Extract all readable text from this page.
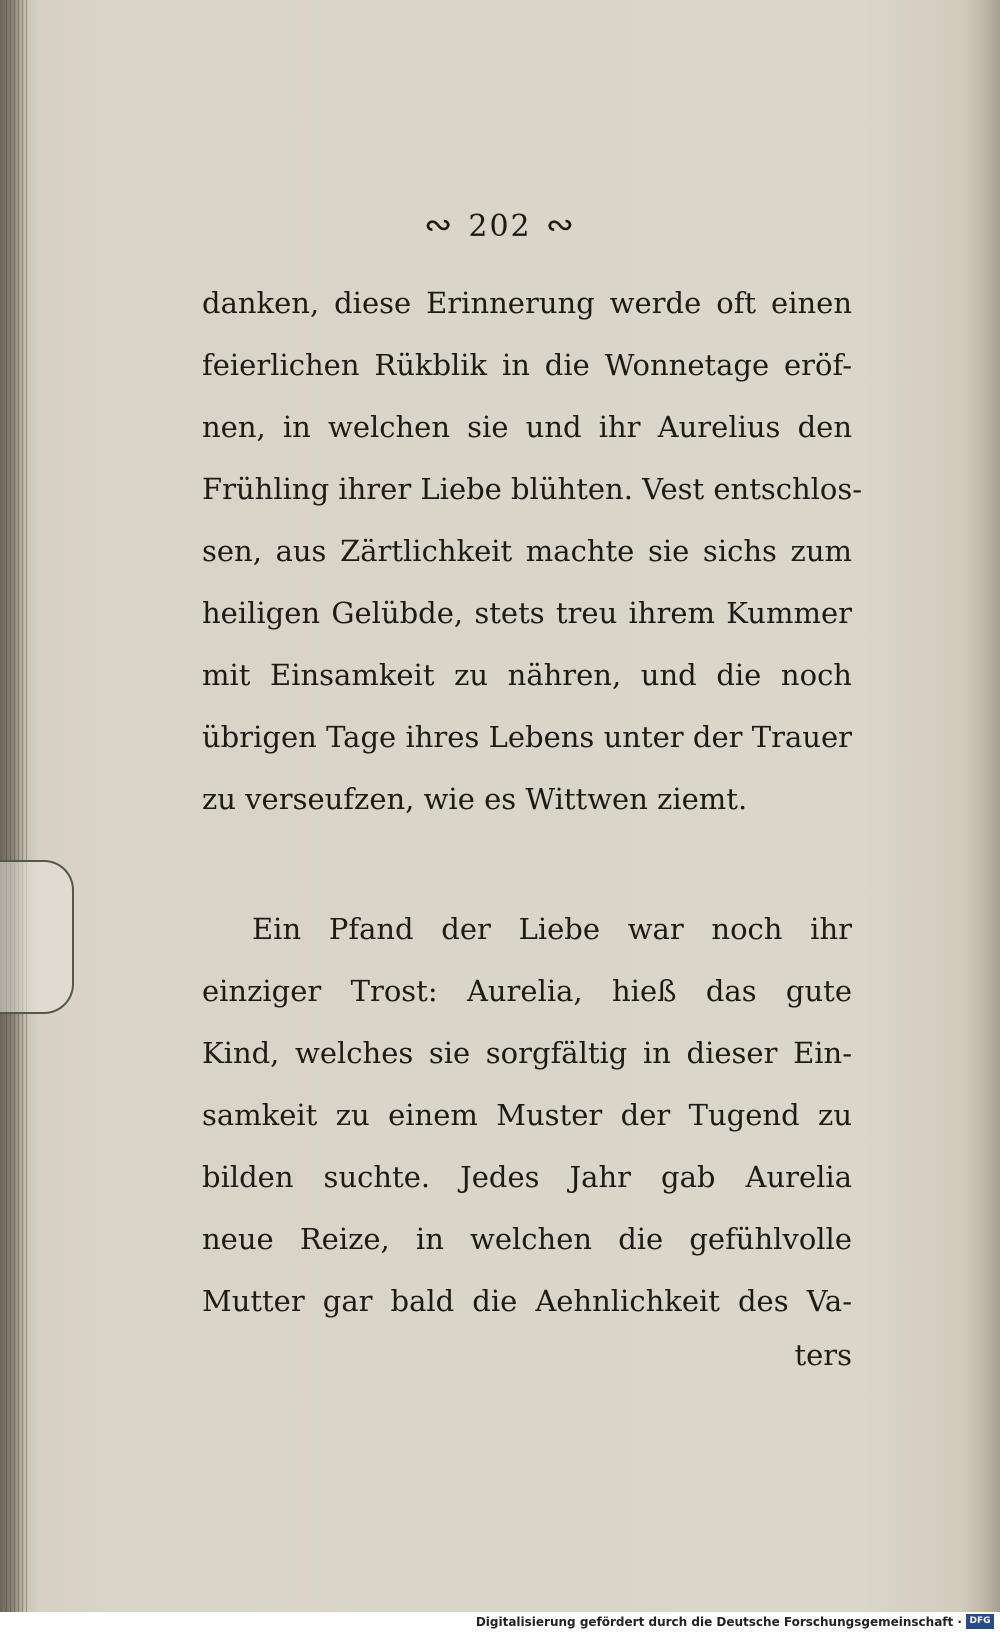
∾ 202 ∾
danken, diese Erinnerung werde oft einen
feierlichen Rükblik in die Wonnetage eröf-
nen, in welchen sie und ihr Aurelius den
Frühling ihrer Liebe blühten. Vest entschlos-
sen, aus Zärtlichkeit machte sie sichs zum
heiligen Gelübde, stets treu ihrem Kummer
mit Einsamkeit zu nähren, und die noch
übrigen Tage ihres Lebens unter der Trauer
zu verseufzen, wie es Wittwen ziemt.
Ein Pfand der Liebe war noch ihr
einziger Trost: Aurelia, hieß das gute
Kind, welches sie sorgfältig in dieser Ein-
samkeit zu einem Muster der Tugend zu
bilden suchte. Jedes Jahr gab Aurelia
neue Reize, in welchen die gefühlvolle
Mutter gar bald die Aehnlichkeit des Va-
ters
Digitalisierung gefördert durch die Deutsche Forschungsgemeinschaft · DFG
